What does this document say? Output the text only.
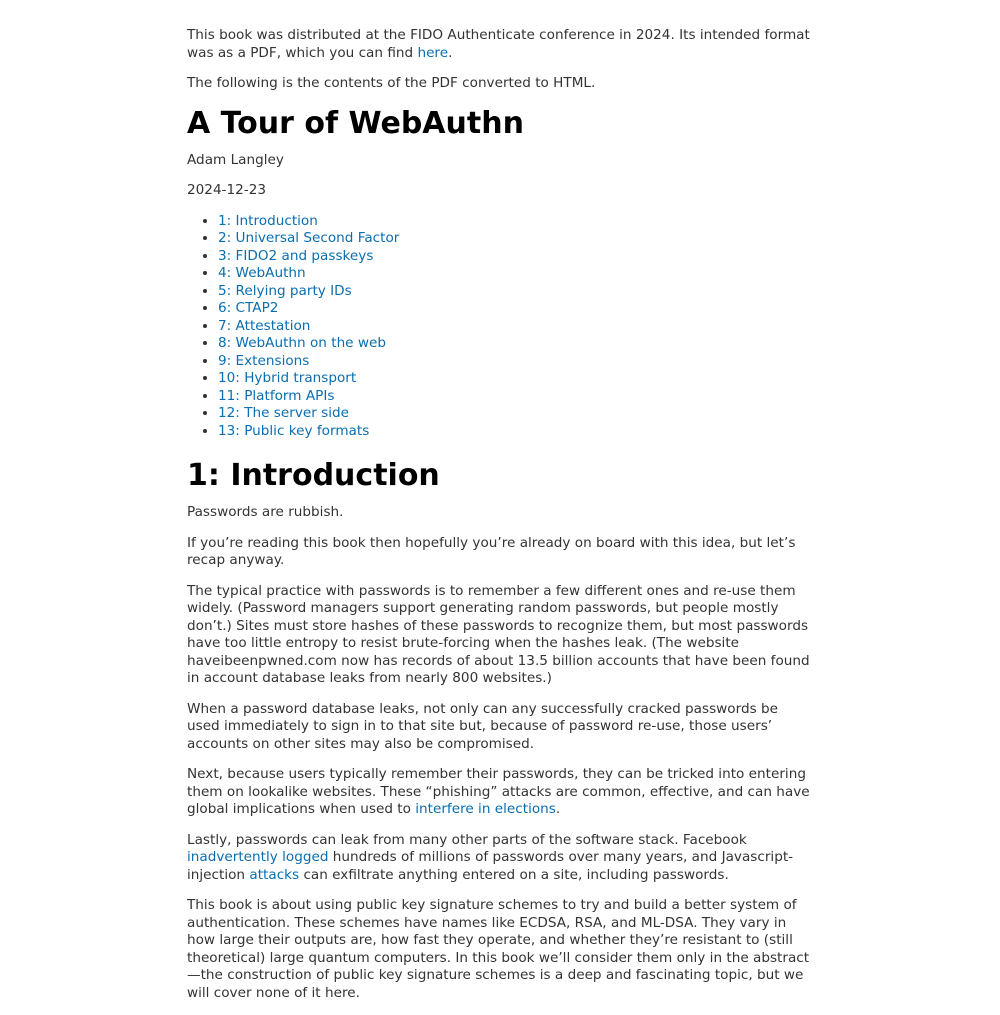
This book was distributed at the FIDO Authenticate conference in 2024. Its intended format was as a PDF, which you can find here.

The following is the contents of the PDF converted to HTML.

A Tour of WebAuthn

Adam Langley

2024-12-23

• 1: Introduction
• 2: Universal Second Factor
• 3: FIDO2 and passkeys
• 4: WebAuthn
• 5: Relying party IDs
• 6: CTAP2
• 7: Attestation
• 8: WebAuthn on the web
• 9: Extensions
• 10: Hybrid transport
• 11: Platform APIs
• 12: The server side
• 13: Public key formats
1: Introduction

Passwords are rubbish.

If you’re reading this book then hopefully you’re already on board with this idea, but let’s recap anyway.

The typical practice with passwords is to remember a few different ones and re-use them widely. (Password managers support generating random passwords, but people mostly don’t.) Sites must store hashes of these passwords to recognize them, but most passwords have too little entropy to resist brute-forcing when the hashes leak. (The website haveibeenpwned.com now has records of about 13.5 billion accounts that have been found in account database leaks from nearly 800 websites.)

When a password database leaks, not only can any successfully cracked passwords be used immediately to sign in to that site but, because of password re-use, those users’ accounts on other sites may also be compromised.

Next, because users typically remember their passwords, they can be tricked into entering them on lookalike websites. These “phishing” attacks are common, effective, and can have global implications when used to interfere in elections.

Lastly, passwords can leak from many other parts of the software stack. Facebook inadvertently logged hundreds of millions of passwords over many years, and Javascript-injection attacks can exfiltrate anything entered on a site, including passwords.

This book is about using public key signature schemes to try and build a better system of authentication. These schemes have names like ECDSA, RSA, and ML-DSA. They vary in how large their outputs are, how fast they operate, and whether they’re resistant to (still theoretical) large quantum computers. In this book we’ll consider them only in the abstract—the construction of public key signature schemes is a deep and fascinating topic, but we will cover none of it here.
